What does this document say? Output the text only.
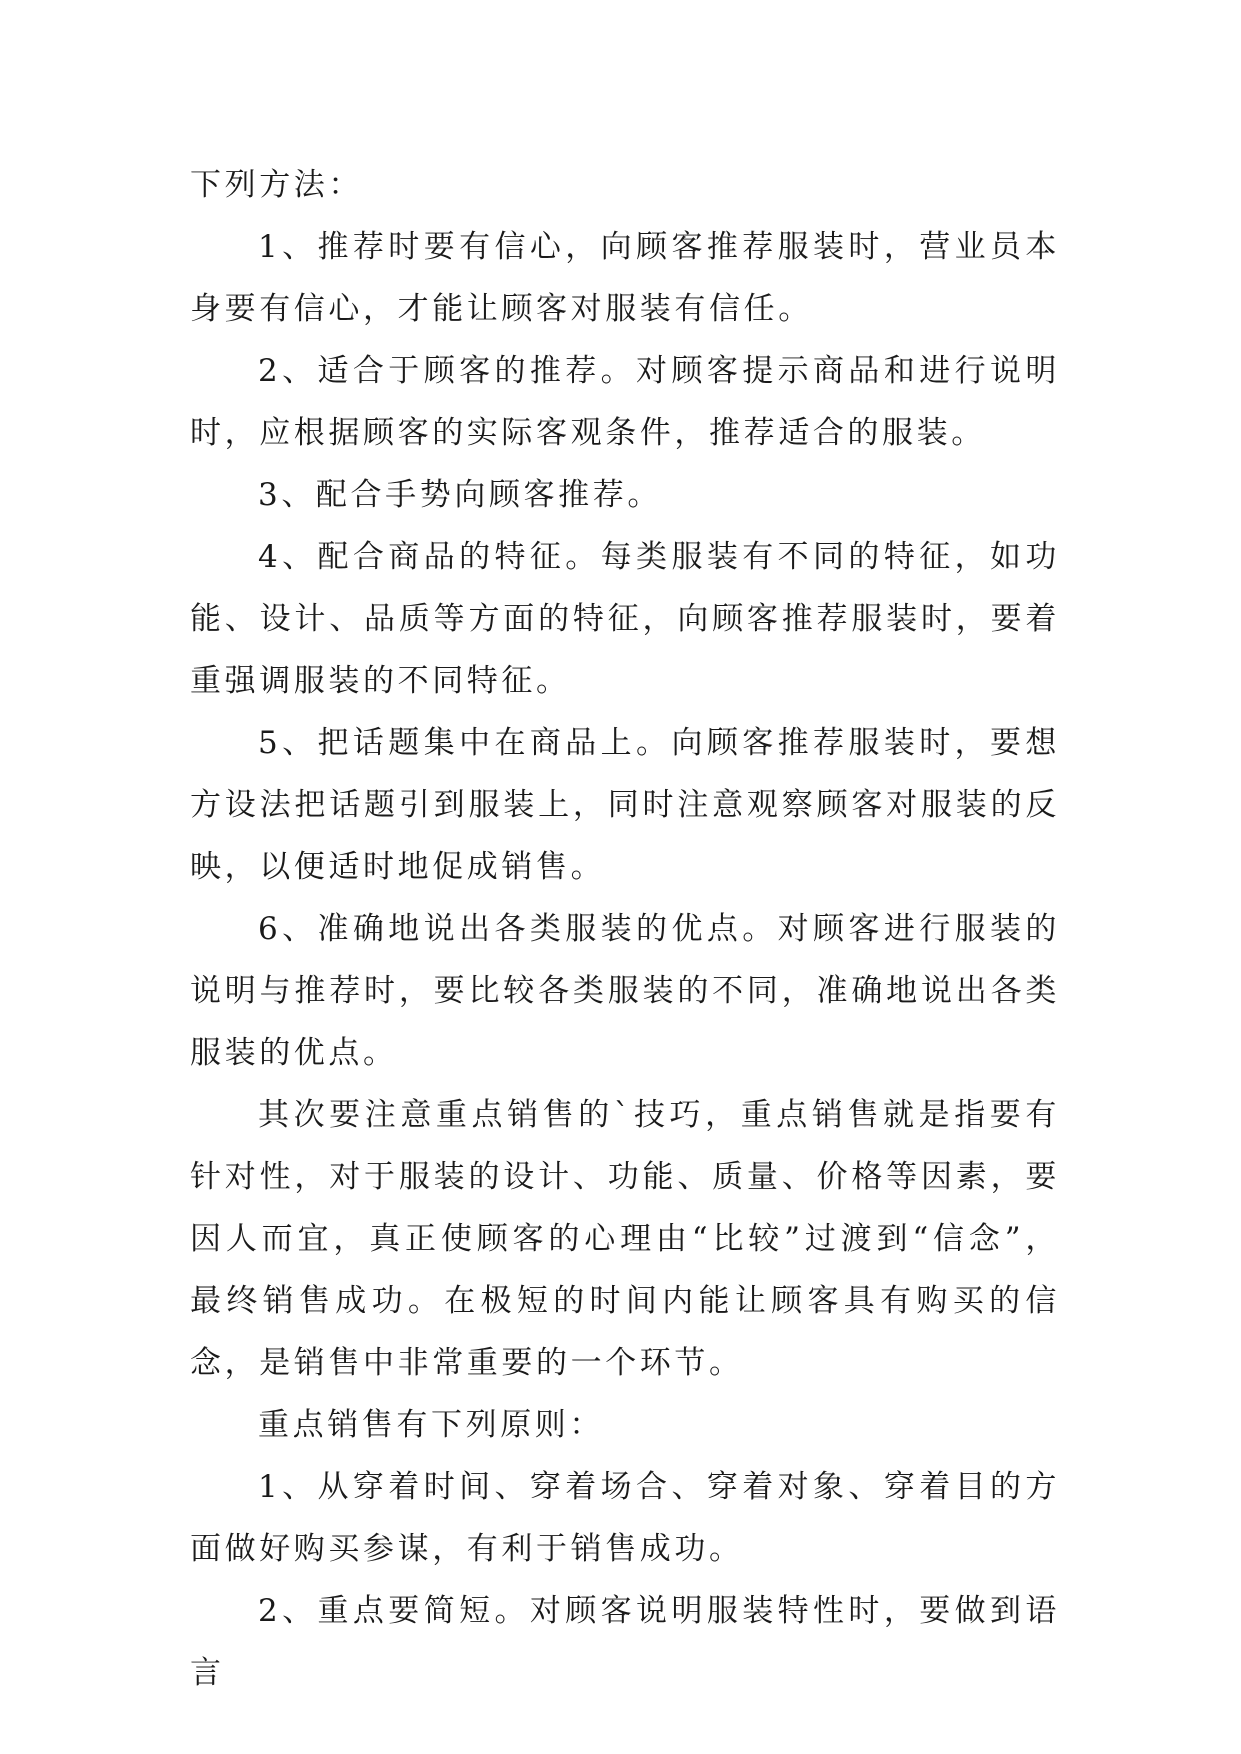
下列方法：

1、推荐时要有信心，向顾客推荐服装时，营业员本身要有信心，才能让顾客对服装有信任。

2、适合于顾客的推荐。对顾客提示商品和进行说明时，应根据顾客的实际客观条件，推荐适合的服装。

3、配合手势向顾客推荐。

4、配合商品的特征。每类服装有不同的特征，如功能、设计、品质等方面的特征，向顾客推荐服装时，要着重强调服装的不同特征。

5、把话题集中在商品上。向顾客推荐服装时，要想方设法把话题引到服装上，同时注意观察顾客对服装的反映，以便适时地促成销售。

6、准确地说出各类服装的优点。对顾客进行服装的说明与推荐时，要比较各类服装的不同，准确地说出各类服装的优点。

其次要注意重点销售的`技巧，重点销售就是指要有针对性，对于服装的设计、功能、质量、价格等因素，要因人而宜，真正使顾客的心理由“比较”过渡到“信念”，最终销售成功。在极短的时间内能让顾客具有购买的信念，是销售中非常重要的一个环节。

重点销售有下列原则：

1、从穿着时间、穿着场合、穿着对象、穿着目的方面做好购买参谋，有利于销售成功。

2、重点要简短。对顾客说明服装特性时，要做到语言
